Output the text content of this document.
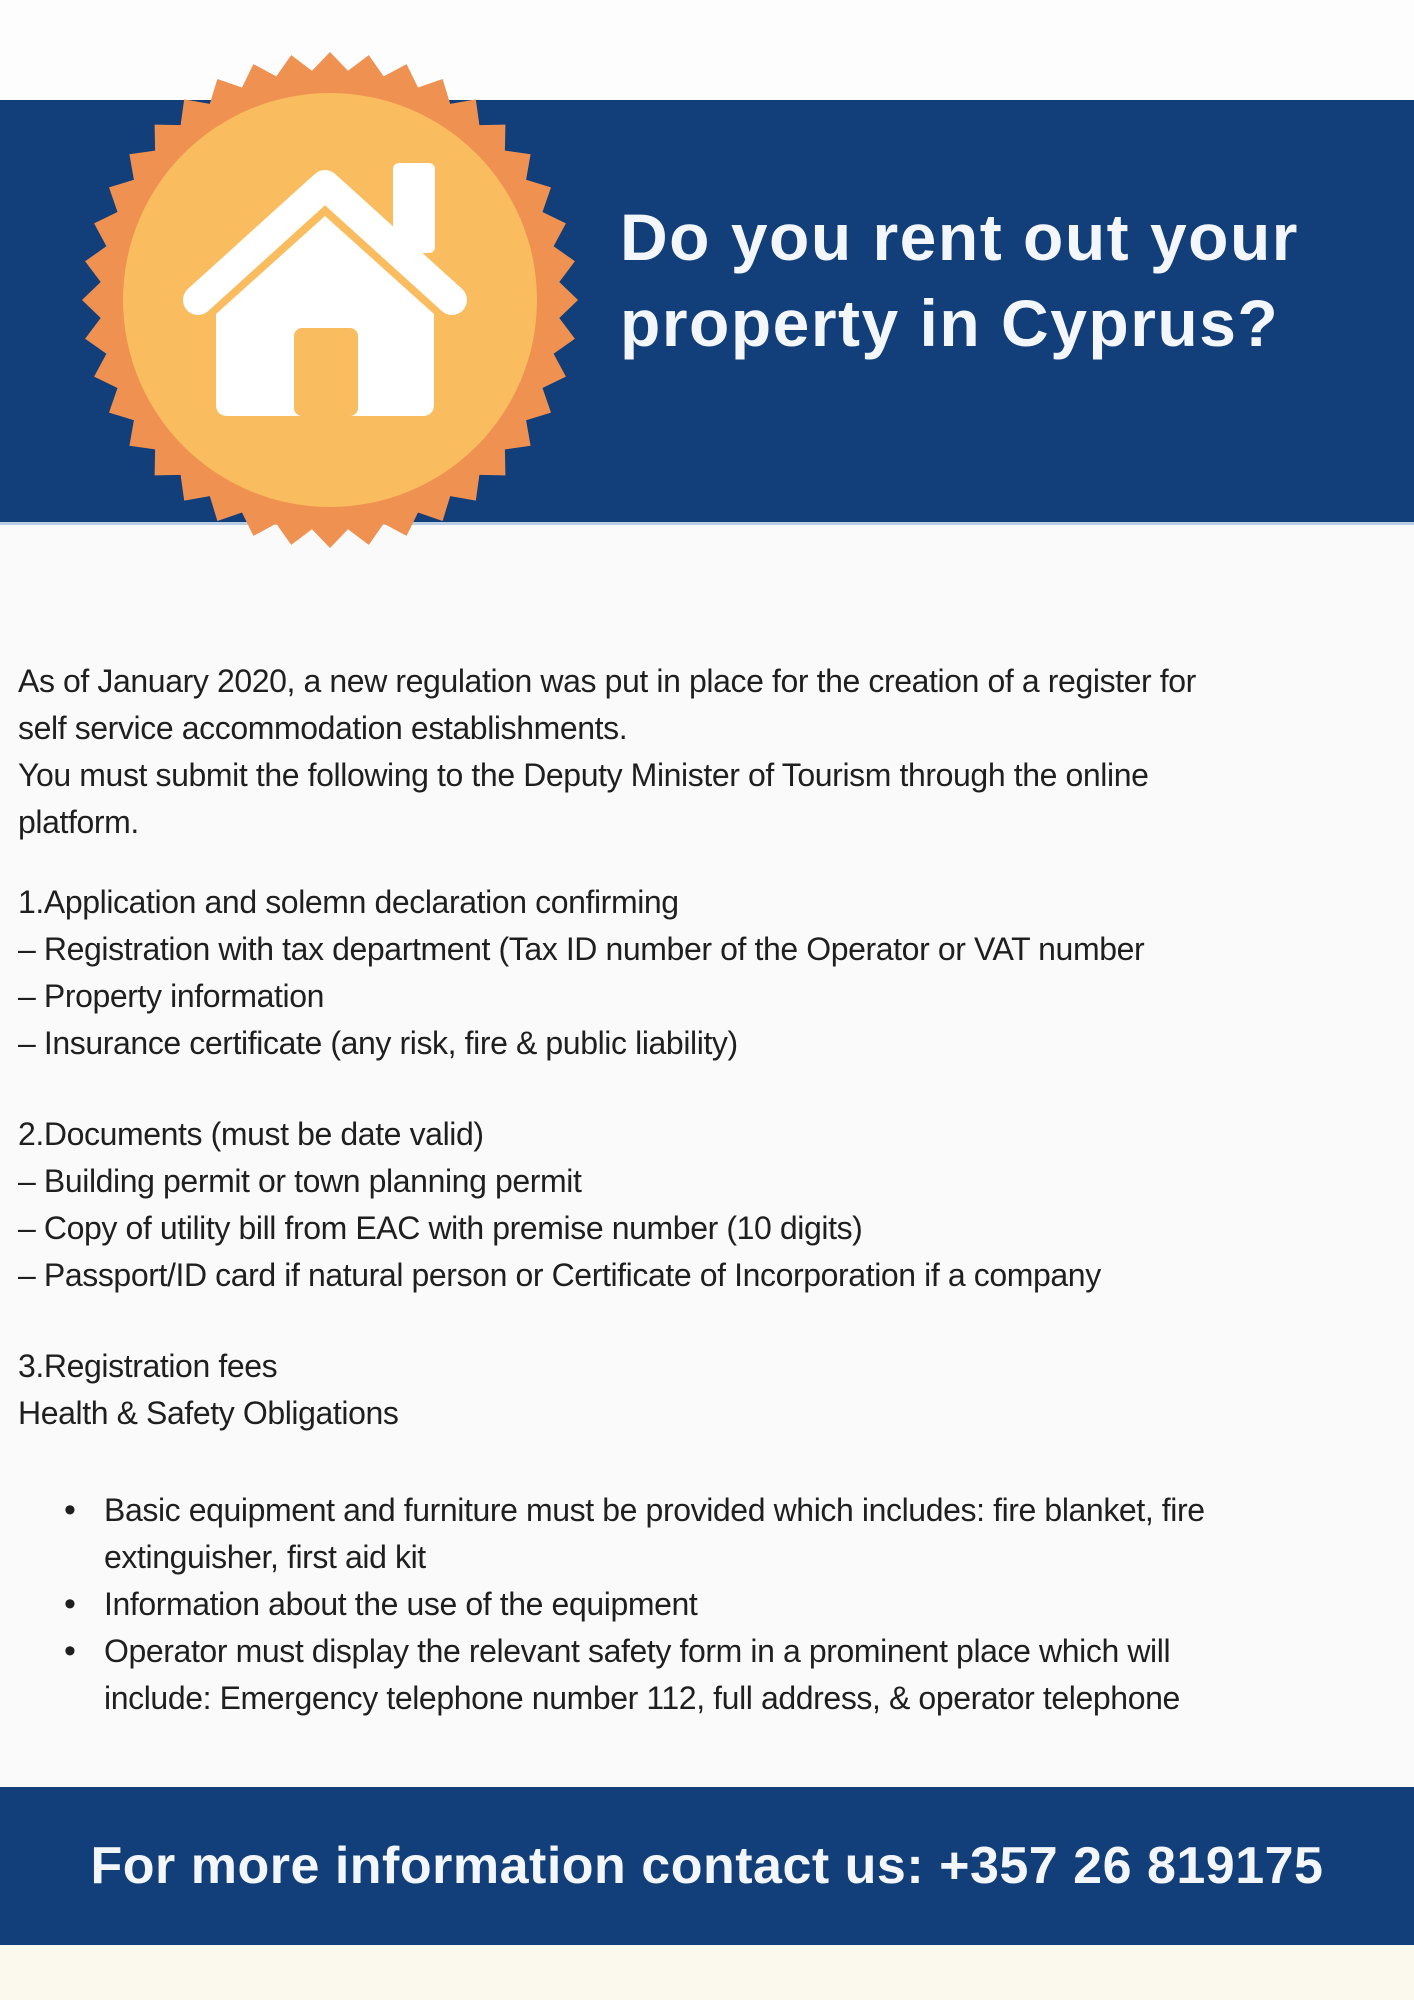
Do you rent out your
property in Cyprus?
As of January 2020, a new regulation was put in place for the creation of a register for
self service accommodation establishments.
You must submit the following to the Deputy Minister of Tourism through the online
platform.
1.Application and solemn declaration confirming
– Registration with tax department (Tax ID number of the Operator or VAT number
– Property information
– Insurance certificate (any risk, fire & public liability)
2.Documents (must be date valid)
– Building permit or town planning permit
– Copy of utility bill from EAC with premise number (10 digits)
– Passport/ID card if natural person or Certificate of Incorporation if a company
3.Registration fees
Health & Safety Obligations
• Basic equipment and furniture must be provided which includes: fire blanket, fire
extinguisher, first aid kit
• Information about the use of the equipment
• Operator must display the relevant safety form in a prominent place which will
include: Emergency telephone number 112, full address, & operator telephone
For more information contact us: +357 26 819175
